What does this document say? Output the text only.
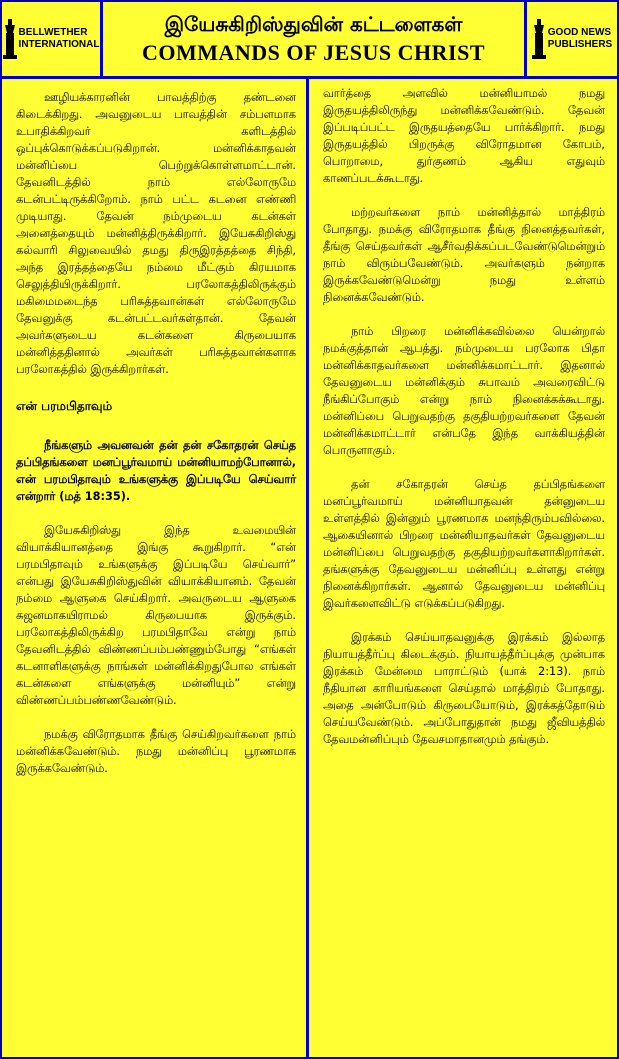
BELLWETHER
INTERNATIONAL
இயேசுகிறிஸ்துவின் கட்டளைகள்
COMMANDS OF JESUS CHRIST
GOOD NEWS
PUBLISHERS

ஊழியக்காரனின் பாவத்திற்கு தண்டனை கிடைக்கிறது. அவனுடைய பாவத்தின் சம்பளமாக உபாதிக்கிறவர் களிடத்தில் ஒப்புக்கொடுக்கப்படுகிறான். மன்னிக்காதவன் மன்னிப்பை பெற்றுக்கொள்ளமாட்டான். தேவனிடத்தில் நாம் எல்லோருமே கடன்பட்டிருக்கிறோம். நாம் பட்ட கடனை எண்ணி முடியாது. தேவன் நம்முடைய கடன்கள் அனைத்தையும் மன்னித்திருக்கிறார். இயேசுகிறிஸ்து கல்வாரி சிலுவையில் தமது திருஇரத்தத்தை சிந்தி, அந்த இரத்தத்தையே நம்மை மீட்கும் கிரயமாக செலுத்தியிருக்கிறார். பரலோகத்திலிருக்கும் மகிமைமடைந்த பரிசுத்தவான்கள் எல்லோருமே தேவனுக்கு கடன்பட்டவர்கள்தான். தேவன் அவர்களுடைய கடன்களை கிருபையாக மன்னித்ததினால் அவர்கள் பரிசுத்தவான்களாக பரலோகத்தில் இருக்கிறார்கள்.

என் பரமபிதாவும்

நீங்களும் அவனவன் தன் தன் சகோதரன் செய்த தப்பிதங்களை மனப்பூர்வமாய் மன்னியாமற்போனால், என் பரமபிதாவும் உங்களுக்கு இப்படியே செய்வார் என்றார் (மத் 18:35).

இயேசுகிறிஸ்து இந்த உவமையின் வியாக்கியானத்தை இங்கு கூறுகிறார். “என் பரமபிதாவும் உங்களுக்கு இப்படியே செய்வார்” என்பது இயேசுகிறிஸ்துவின் வியாக்கியானம். தேவன் நம்மை ஆளுகை செய்கிறார். அவருடைய ஆளுகை சுஜனமாகயிராமல் கிருபையாக இருக்கும். பரலோகத்திலிருக்கிற பரமபிதாவே என்று நாம் தேவனிடத்தில் விண்ணப்பம்பண்ணும்போது “எங்கள் கடனாளிகளுக்கு நாங்கள் மன்னிக்கிறதுபோல எங்கள் கடன்களை எங்களுக்கு மன்னியும்” என்று விண்ணப்பம்பண்ணவேண்டும்.

நமக்கு விரோதமாக தீங்கு செய்கிறவர்களை நாம் மன்னிக்கவேண்டும். நமது மன்னிப்பு பூரணமாக இருக்கவேண்டும்.

வார்த்தை அளவில் மன்னியாமல் நமது இருதயத்திலிருந்து மன்னிக்கவேண்டும். தேவன் இப்படிப்பட்ட இருதயத்தையே பார்க்கிறார். நமது இருதயத்தில் பிறருக்கு விரோதமான கோபம், பொறாமை, துர்குணம் ஆகிய எதுவும் காணப்படக்கூடாது.

மற்றவர்களை நாம் மன்னித்தால் மாத்திரம் போதாது. நமக்கு விரோதமாக தீங்கு நினைத்தவர்கள், தீங்கு செய்தவர்கள் ஆசீர்வதிக்கப்படவேண்டுமென்றும் நாம் விரும்பவேண்டும். அவர்களும் நன்றாக இருக்கவேண்டுமென்று நமது உள்ளம் நினைக்கவேண்டும்.

நாம் பிறரை மன்னிக்கவில்லை யென்றால் நமக்குத்தான் ஆபத்து. நம்முடைய பரலோக பிதா மன்னிக்காதவர்களை மன்னிக்கமாட்டார். இதனால் தேவனுடைய மன்னிக்கும் சுபாவம் அவரைவிட்டு நீங்கிப்போகும் என்று நாம் நினைக்கக்கூடாது. மன்னிப்பை பெறுவதற்கு தகுதியற்றவர்களை தேவன் மன்னிக்கமாட்டார் என்பதே இந்த வாக்கியத்தின் பொருளாகும்.

தன் சகோதரன் செய்த தப்பிதங்களை மனப்பூர்வமாய் மன்னியாதவன் தன்னுடைய உள்ளத்தில் இன்னும் பூரணமாக மனந்திரும்பவில்லை. ஆகையினால் பிறரை மன்னியாதவர்கள் தேவனுடைய மன்னிப்பை பெறுவதற்கு தகுதியற்றவர்களாகிறார்கள். தங்களுக்கு தேவனுடைய மன்னிப்பு உள்ளது என்று நினைக்கிறார்கள். ஆனால் தேவனுடைய மன்னிப்பு இவர்களைவிட்டு எடுக்கப்படுகிறது.

இரக்கம் செய்யாதவனுக்கு இரக்கம் இல்லாத நியாயத்தீர்ப்பு கிடைக்கும். நியாயத்தீர்ப்புக்கு முன்பாக இரக்கம் மேன்மை பாராட்டும் (யாக் 2:13). நாம் நீதியான காரியங்களை செய்தால் மாத்திரம் போதாது. அதை அன்போடும் கிருபையோடும், இரக்கத்தோடும் செய்யவேண்டும். அப்போதுதான் நமது ஜீவியத்தில் தேவமன்னிப்பும் தேவசமாதானமும் தங்கும்.
